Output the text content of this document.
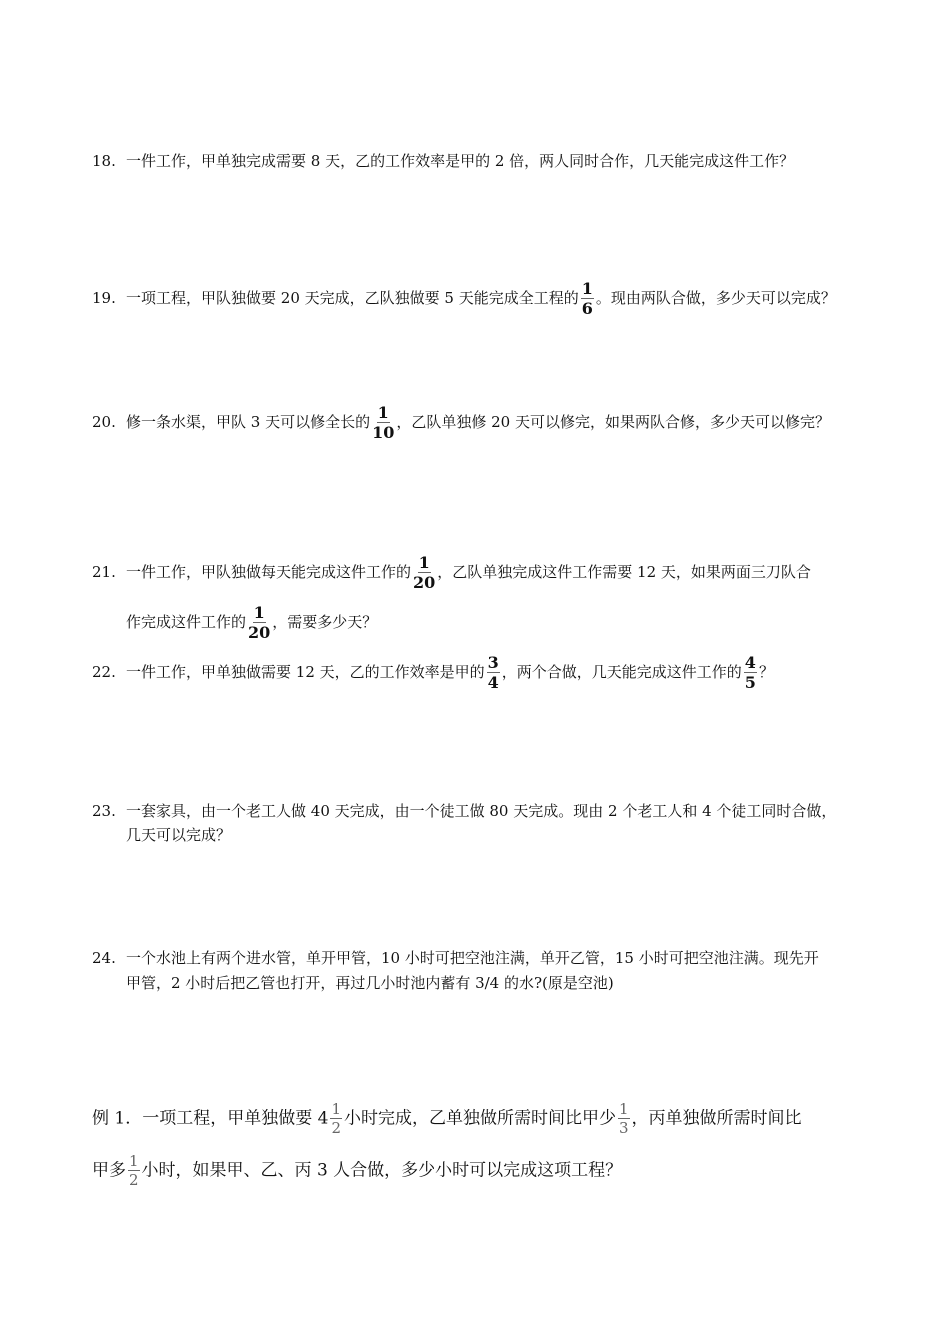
18. 一件工作，甲单独完成需要 8 天，乙的工作效率是甲的 2 倍，两人同时合作，几天能完成这件工作？
19. 一项工程，甲队独做要 20 天完成，乙队独做要 5 天能完成全工程的 $\frac{1}{6}$ 。现由两队合做，多少天可以完成？
20. 修一条水渠，甲队 3 天可以修全长的 $\frac{1}{10}$ ，乙队单独修 20 天可以修完，如果两队合修，多少天可以修完？
21. 一件工作，甲队独做每天能完成这件工作的 $\frac{1}{20}$ ，乙队单独完成这件工作需要 12 天，如果两面三刀队合
作完成这件工作的 $\frac{1}{20}$ ，需要多少天？
22. 一件工作，甲单独做需要 12 天，乙的工作效率是甲的 $\frac{3}{4}$ ，两个合做，几天能完成这件工作的 $\frac{4}{5}$ ？
23. 一套家具，由一个老工人做 40 天完成，由一个徒工做 80 天完成。现由 2 个老工人和 4 个徒工同时合做，
几天可以完成？
24. 一个水池上有两个进水管，单开甲管，10 小时可把空池注满，单开乙管，15 小时可把空池注满。现先开
甲管，2 小时后把乙管也打开，再过几小时池内蓄有 3/4 的水?(原是空池)
例 1．一项工程，甲单独做要 $4 \frac{1}{2}$ 小时完成，乙单独做所需时间比甲少 $\frac{1}{3}$ ，丙单独做所需时间比
甲多 $\frac{1}{2}$ 小时，如果甲、乙、丙 3 人合做，多少小时可以完成这项工程？
